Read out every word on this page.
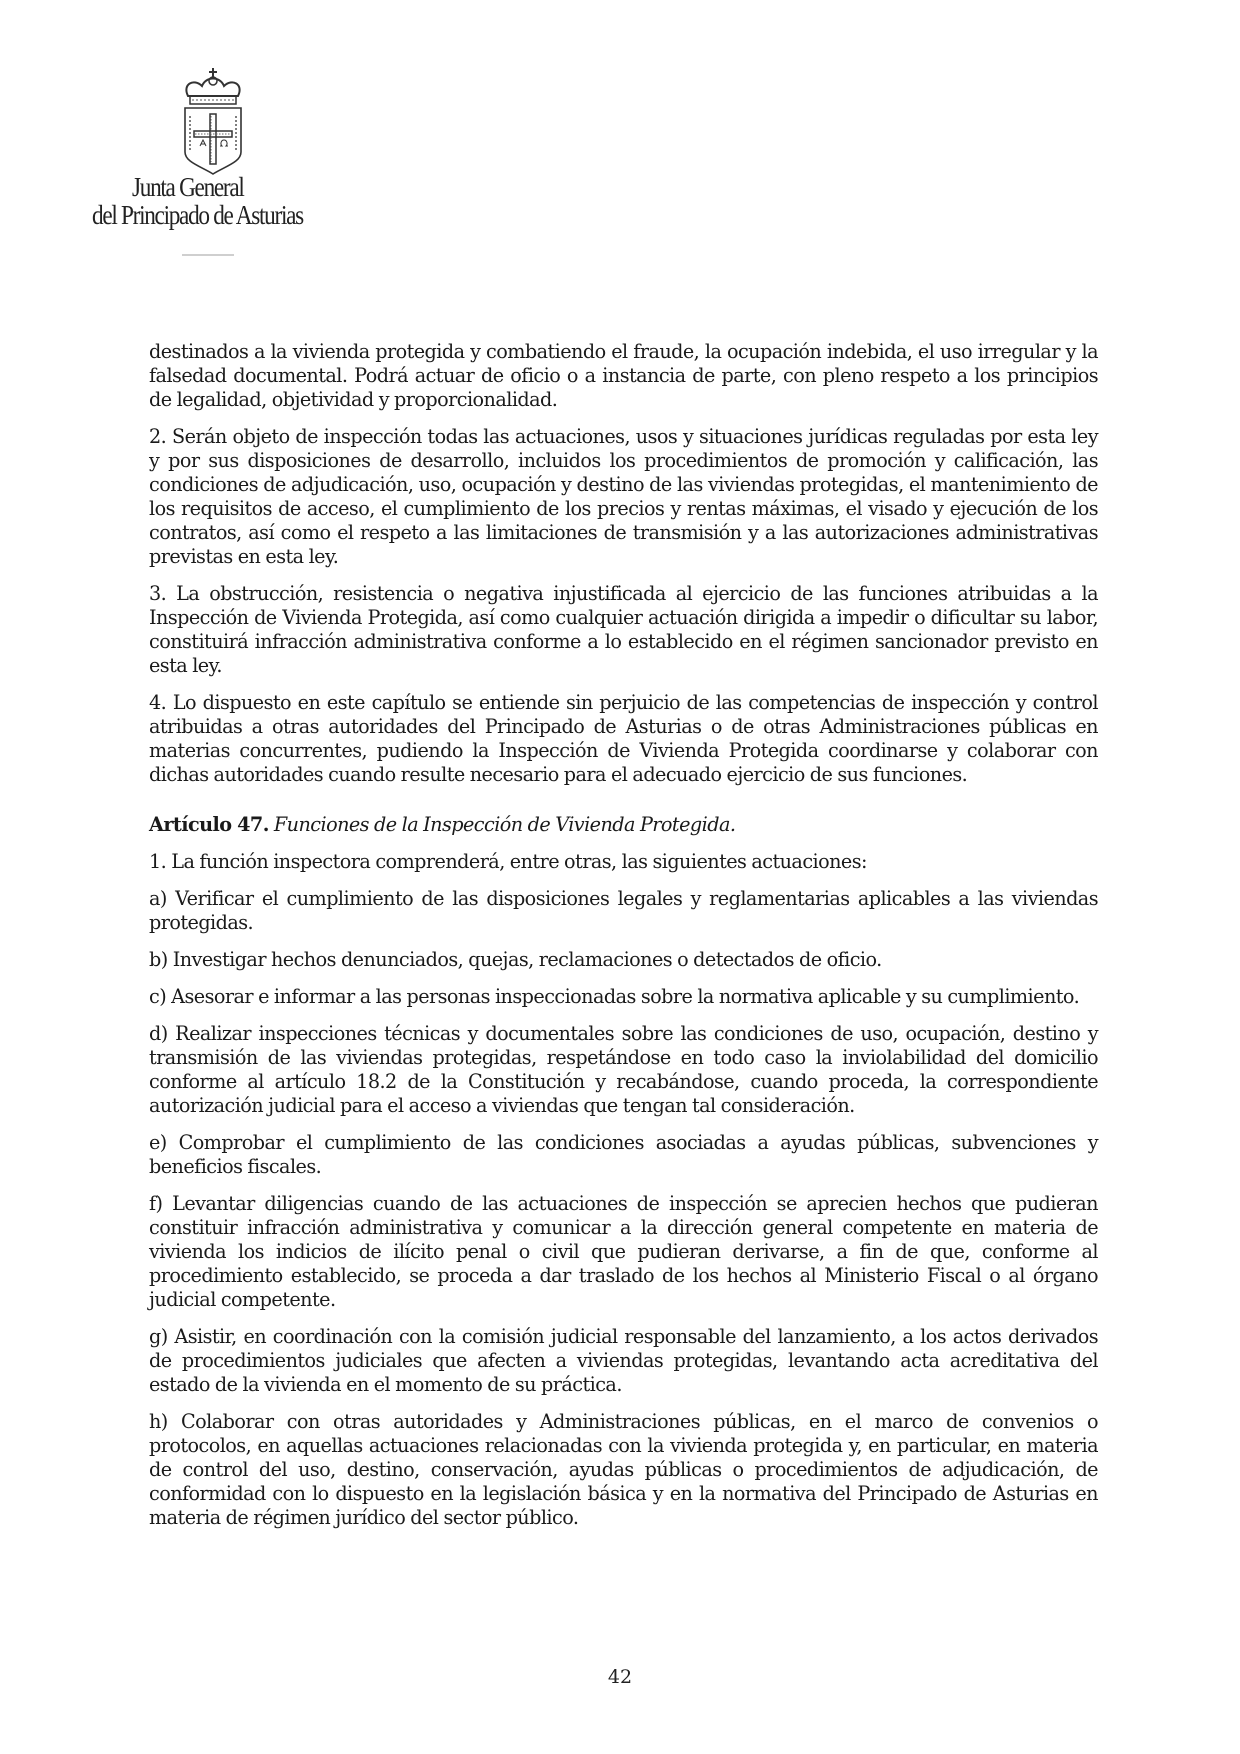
Junta General
del Principado de Asturias

destinados a la vivienda protegida y combatiendo el fraude, la ocupación indebida, el uso irregular y la falsedad documental. Podrá actuar de oficio o a instancia de parte, con pleno respeto a los principios de legalidad, objetividad y proporcionalidad.

2. Serán objeto de inspección todas las actuaciones, usos y situaciones jurídicas reguladas por esta ley y por sus disposiciones de desarrollo, incluidos los procedimientos de promoción y calificación, las condiciones de adjudicación, uso, ocupación y destino de las viviendas protegidas, el mantenimiento de los requisitos de acceso, el cumplimiento de los precios y rentas máximas, el visado y ejecución de los contratos, así como el respeto a las limitaciones de transmisión y a las autorizaciones administrativas previstas en esta ley.

3. La obstrucción, resistencia o negativa injustificada al ejercicio de las funciones atribuidas a la Inspección de Vivienda Protegida, así como cualquier actuación dirigida a impedir o dificultar su labor, constituirá infracción administrativa conforme a lo establecido en el régimen sancionador previsto en esta ley.

4. Lo dispuesto en este capítulo se entiende sin perjuicio de las competencias de inspección y control atribuidas a otras autoridades del Principado de Asturias o de otras Administraciones públicas en materias concurrentes, pudiendo la Inspección de Vivienda Protegida coordinarse y colaborar con dichas autoridades cuando resulte necesario para el adecuado ejercicio de sus funciones.

Artículo 47. Funciones de la Inspección de Vivienda Protegida.

1. La función inspectora comprenderá, entre otras, las siguientes actuaciones:

a) Verificar el cumplimiento de las disposiciones legales y reglamentarias aplicables a las viviendas protegidas.

b) Investigar hechos denunciados, quejas, reclamaciones o detectados de oficio.

c) Asesorar e informar a las personas inspeccionadas sobre la normativa aplicable y su cumplimiento.

d) Realizar inspecciones técnicas y documentales sobre las condiciones de uso, ocupación, destino y transmisión de las viviendas protegidas, respetándose en todo caso la inviolabilidad del domicilio conforme al artículo 18.2 de la Constitución y recabándose, cuando proceda, la correspondiente autorización judicial para el acceso a viviendas que tengan tal consideración.

e) Comprobar el cumplimiento de las condiciones asociadas a ayudas públicas, subvenciones y beneficios fiscales.

f) Levantar diligencias cuando de las actuaciones de inspección se aprecien hechos que pudieran constituir infracción administrativa y comunicar a la dirección general competente en materia de vivienda los indicios de ilícito penal o civil que pudieran derivarse, a fin de que, conforme al procedimiento establecido, se proceda a dar traslado de los hechos al Ministerio Fiscal o al órgano judicial competente.

g) Asistir, en coordinación con la comisión judicial responsable del lanzamiento, a los actos derivados de procedimientos judiciales que afecten a viviendas protegidas, levantando acta acreditativa del estado de la vivienda en el momento de su práctica.

h) Colaborar con otras autoridades y Administraciones públicas, en el marco de convenios o protocolos, en aquellas actuaciones relacionadas con la vivienda protegida y, en particular, en materia de control del uso, destino, conservación, ayudas públicas o procedimientos de adjudicación, de conformidad con lo dispuesto en la legislación básica y en la normativa del Principado de Asturias en materia de régimen jurídico del sector público.

42
